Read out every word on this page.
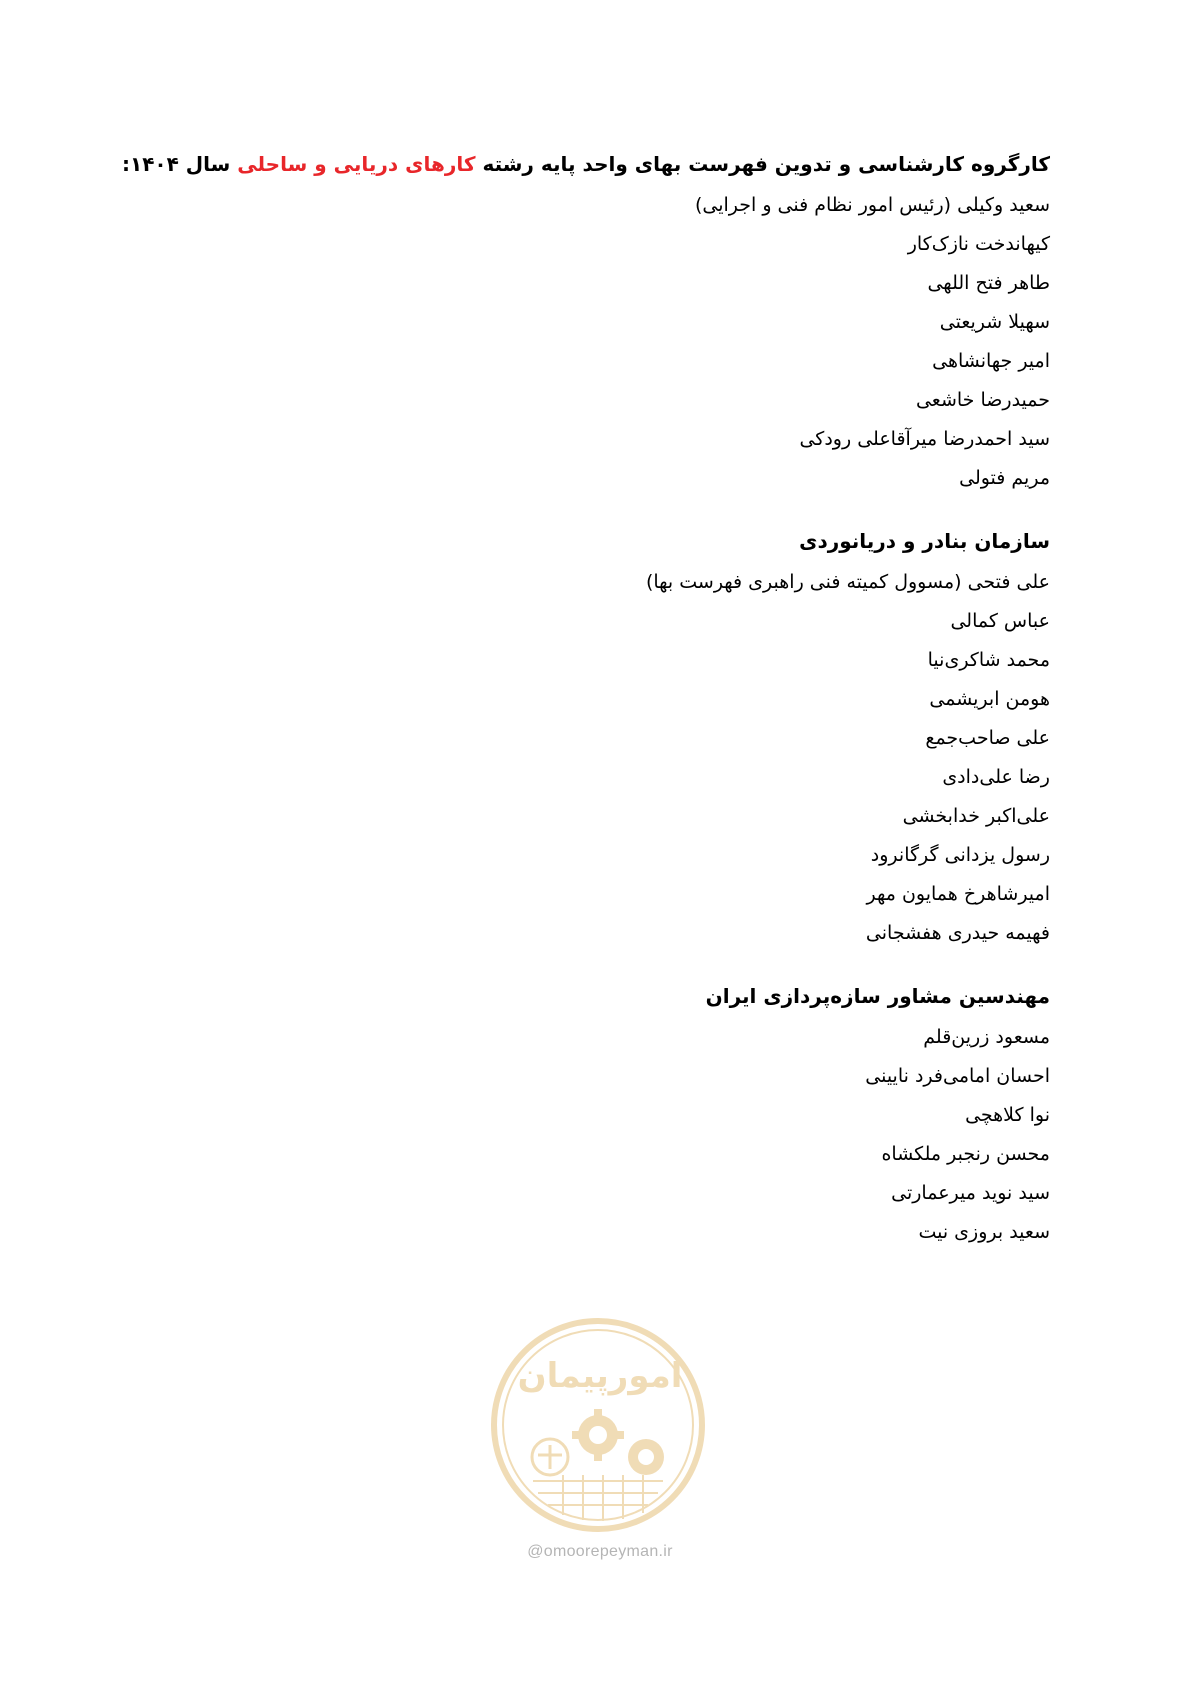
کارگروه کارشناسی و تدوین فهرست بهای واحد پایه رشته کارهای دریایی و ساحلی سال ۱۴۰۴:
سعید وکیلی (رئیس امور نظام فنی و اجرایی)
کیهاندخت نازک‌کار
طاهر فتح اللهی
سهیلا شریعتی
امیر جهانشاهی
حمیدرضا خاشعی
سید احمدرضا میرآقاعلی رودکی
مریم فتولی
سازمان بنادر و دریانوردی
علی فتحی (مسوول کمیته فنی راهبری فهرست بها)
عباس کمالی
محمد شاکری‌نیا
هومن ابریشمی
علی صاحب‌جمع
رضا علی‌دادی
علی‌اکبر خدابخشی
رسول یزدانی گرگانرود
امیرشاهرخ همایون مهر
فهیمه حیدری هفشجانی
مهندسین مشاور سازه‌پردازی ایران
مسعود زرین‌قلم
احسان امامی‌فرد نایینی
نوا کلاهچی
محسن رنجبر ملکشاه
سید نوید میرعمارتی
سعید بروزی نیت
امورپیمان
@omoorepeyman.ir
